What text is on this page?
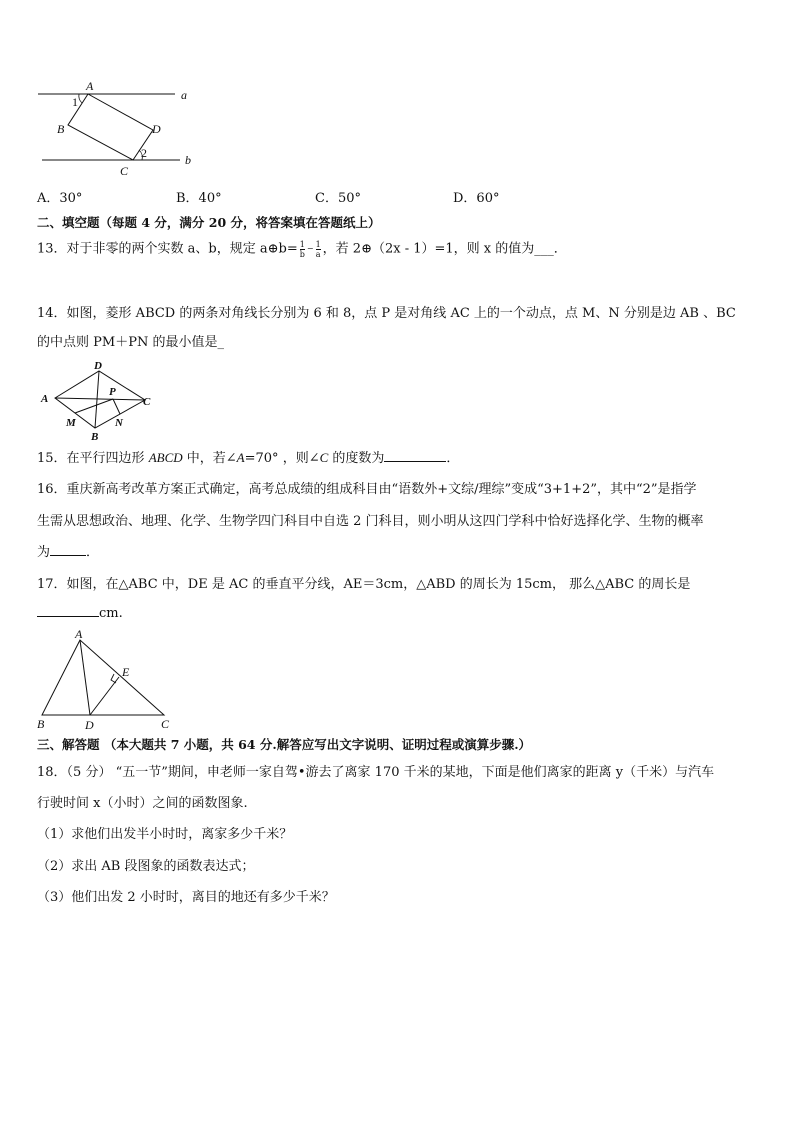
A
1
B	D
2
C
a
b
A．30°	B．40°	C．50°	D．60°
二、填空题（每题 4 分，满分 20 分，将答案填在答题纸上）
13．对于非零的两个实数 a、b，规定 a⊕b= $\frac{1}{b} - \frac{1}{a}$ ，若 2⊕（2x - 1）=1，则 x 的值为___．
14．如图，菱形 ABCD 的两条对角线长分别为 6 和 8，点 P 是对角线 AC 上的一个动点，点 M、N 分别是边 AB 、BC
的中点则 PM＋PN 的最小值是_
A
D
C
P
M	N
B
15．在平行四边形 ABCD 中，若∠A=70° ，则∠C 的度数为	．
16．重庆新高考改革方案正式确定，高考总成绩的组成科目由“语数外+文综/理综”变成“3+1+2”，其中“2”是指学
生需从思想政治、地理、化学、生物学四门科目中自选 2 门科目，则小明从这四门学科中恰好选择化学、生物的概率
为	．
17．如图，在△ABC 中，DE 是 AC 的垂直平分线，AE＝3cm，△ABD 的周长为 15cm， 那么△ABC 的周长是
cm.
A
E
B	D	C
三、解答题 （本大题共 7 小题，共 64 分.解答应写出文字说明、证明过程或演算步骤.）
18．（5 分） “五一节”期间，申老师一家自驾•游去了离家 170 千米的某地，下面是他们离家的距离 y（千米）与汽车
行驶时间 x（小时）之间的函数图象.
（1）求他们出发半小时时，离家多少千米？
（2）求出 AB 段图象的函数表达式；
（3）他们出发 2 小时时，离目的地还有多少千米？
